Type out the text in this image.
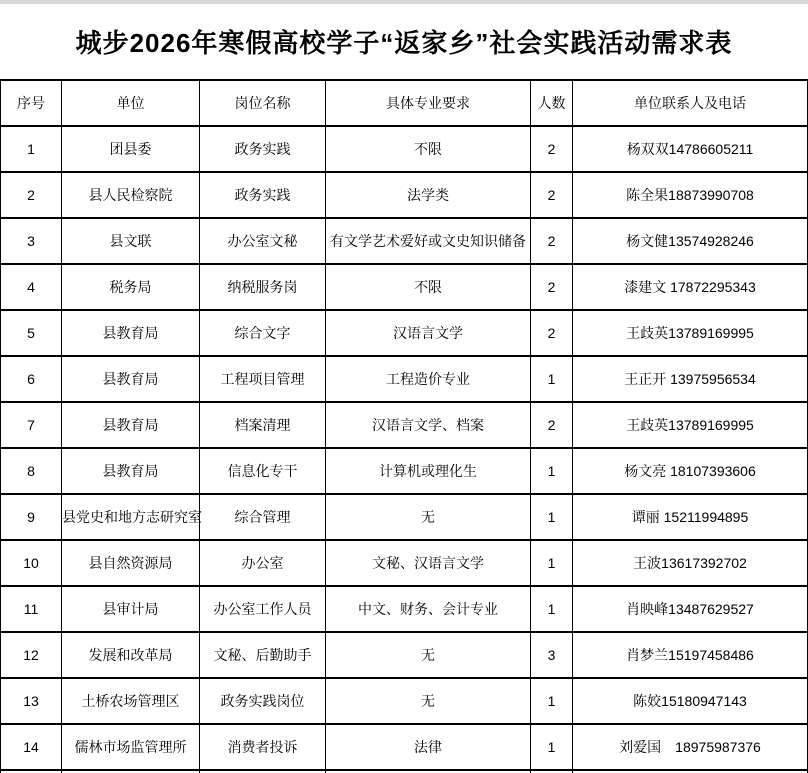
城步2026年寒假高校学子“返家乡”社会实践活动需求表
序号	单位	岗位名称	具体专业要求	人数	单位联系人及电话
1	团县委	政务实践	不限	2	杨双双14786605211
2	县人民检察院	政务实践	法学类	2	陈全果18873990708
3	县文联	办公室文秘	有文学艺术爱好或文史知识储备	2	杨文健13574928246
4	税务局	纳税服务岗	不限	2	漆建文 17872295343
5	县教育局	综合文字	汉语言文学	2	王歧英13789169995
6	县教育局	工程项目管理	工程造价专业	1	王正开 13975956534
7	县教育局	档案清理	汉语言文学、档案	2	王歧英13789169995
8	县教育局	信息化专干	计算机或理化生	1	杨文亮 18107393606
9	县党史和地方志研究室	综合管理	无	1	谭丽 15211994895
10	县自然资源局	办公室	文秘、汉语言文学	1	王波13617392702
11	县审计局	办公室工作人员	中文、财务、会计专业	1	肖映峰13487629527
12	发展和改革局	文秘、后勤助手	无	3	肖梦兰15197458486
13	土桥农场管理区	政务实践岗位	无	1	陈姣15180947143
14	儒林市场监管理所	消费者投诉	法律	1	刘爱国　18975987376
